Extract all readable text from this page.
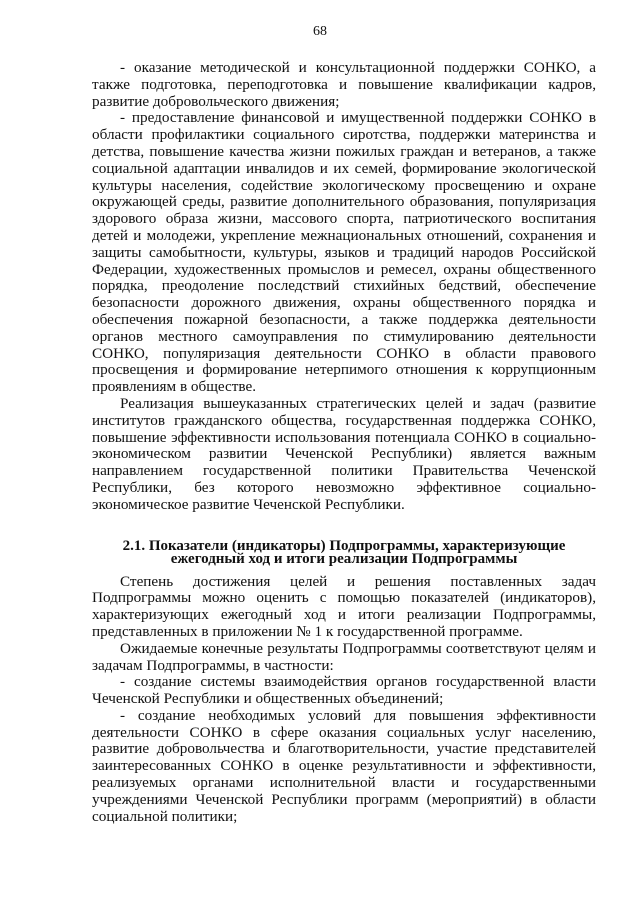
68

- оказание методической и консультационной поддержки СОНКО, а также подготовка, переподготовка и повышение квалификации кадров, развитие добровольческого движения;

- предоставление финансовой и имущественной поддержки СОНКО в области профилактики социального сиротства, поддержки материнства и детства, повышение качества жизни пожилых граждан и ветеранов, а также социальной адаптации инвалидов и их семей, формирование экологической культуры населения, содействие экологическому просвещению и охране окружающей среды, развитие дополнительного образования, популяризация здорового образа жизни, массового спорта, патриотического воспитания детей и молодежи, укрепление межнациональных отношений, сохранения и защиты самобытности, культуры, языков и традиций народов Российской Федерации, художественных промыслов и ремесел, охраны общественного порядка, преодоление последствий стихийных бедствий, обеспечение безопасности дорожного движения, охраны общественного порядка и обеспечения пожарной безопасности, а также поддержка деятельности органов местного самоуправления по стимулированию деятельности СОНКО, популяризация деятельности СОНКО в области правового просвещения и формирование нетерпимого отношения к коррупционным проявлениям в обществе.

Реализация вышеуказанных стратегических целей и задач (развитие институтов гражданского общества, государственная поддержка СОНКО, повышение эффективности использования потенциала СОНКО в социально-экономическом развитии Чеченской Республики) является важным направлением государственной политики Правительства Чеченской Республики, без которого невозможно эффективное социально-экономическое развитие Чеченской Республики.

2.1. Показатели (индикаторы) Подпрограммы, характеризующие ежегодный ход и итоги реализации Подпрограммы

Степень достижения целей и решения поставленных задач Подпрограммы можно оценить с помощью показателей (индикаторов), характеризующих ежегодный ход и итоги реализации Подпрограммы, представленных в приложении № 1 к государственной программе.

Ожидаемые конечные результаты Подпрограммы соответствуют целям и задачам Подпрограммы, в частности:

- создание системы взаимодействия органов государственной власти Чеченской Республики и общественных объединений;

- создание необходимых условий для повышения эффективности деятельности СОНКО в сфере оказания социальных услуг населению, развитие добровольчества и благотворительности, участие представителей заинтересованных СОНКО в оценке результативности и эффективности, реализуемых органами исполнительной власти и государственными учреждениями Чеченской Республики программ (мероприятий) в области социальной политики;
